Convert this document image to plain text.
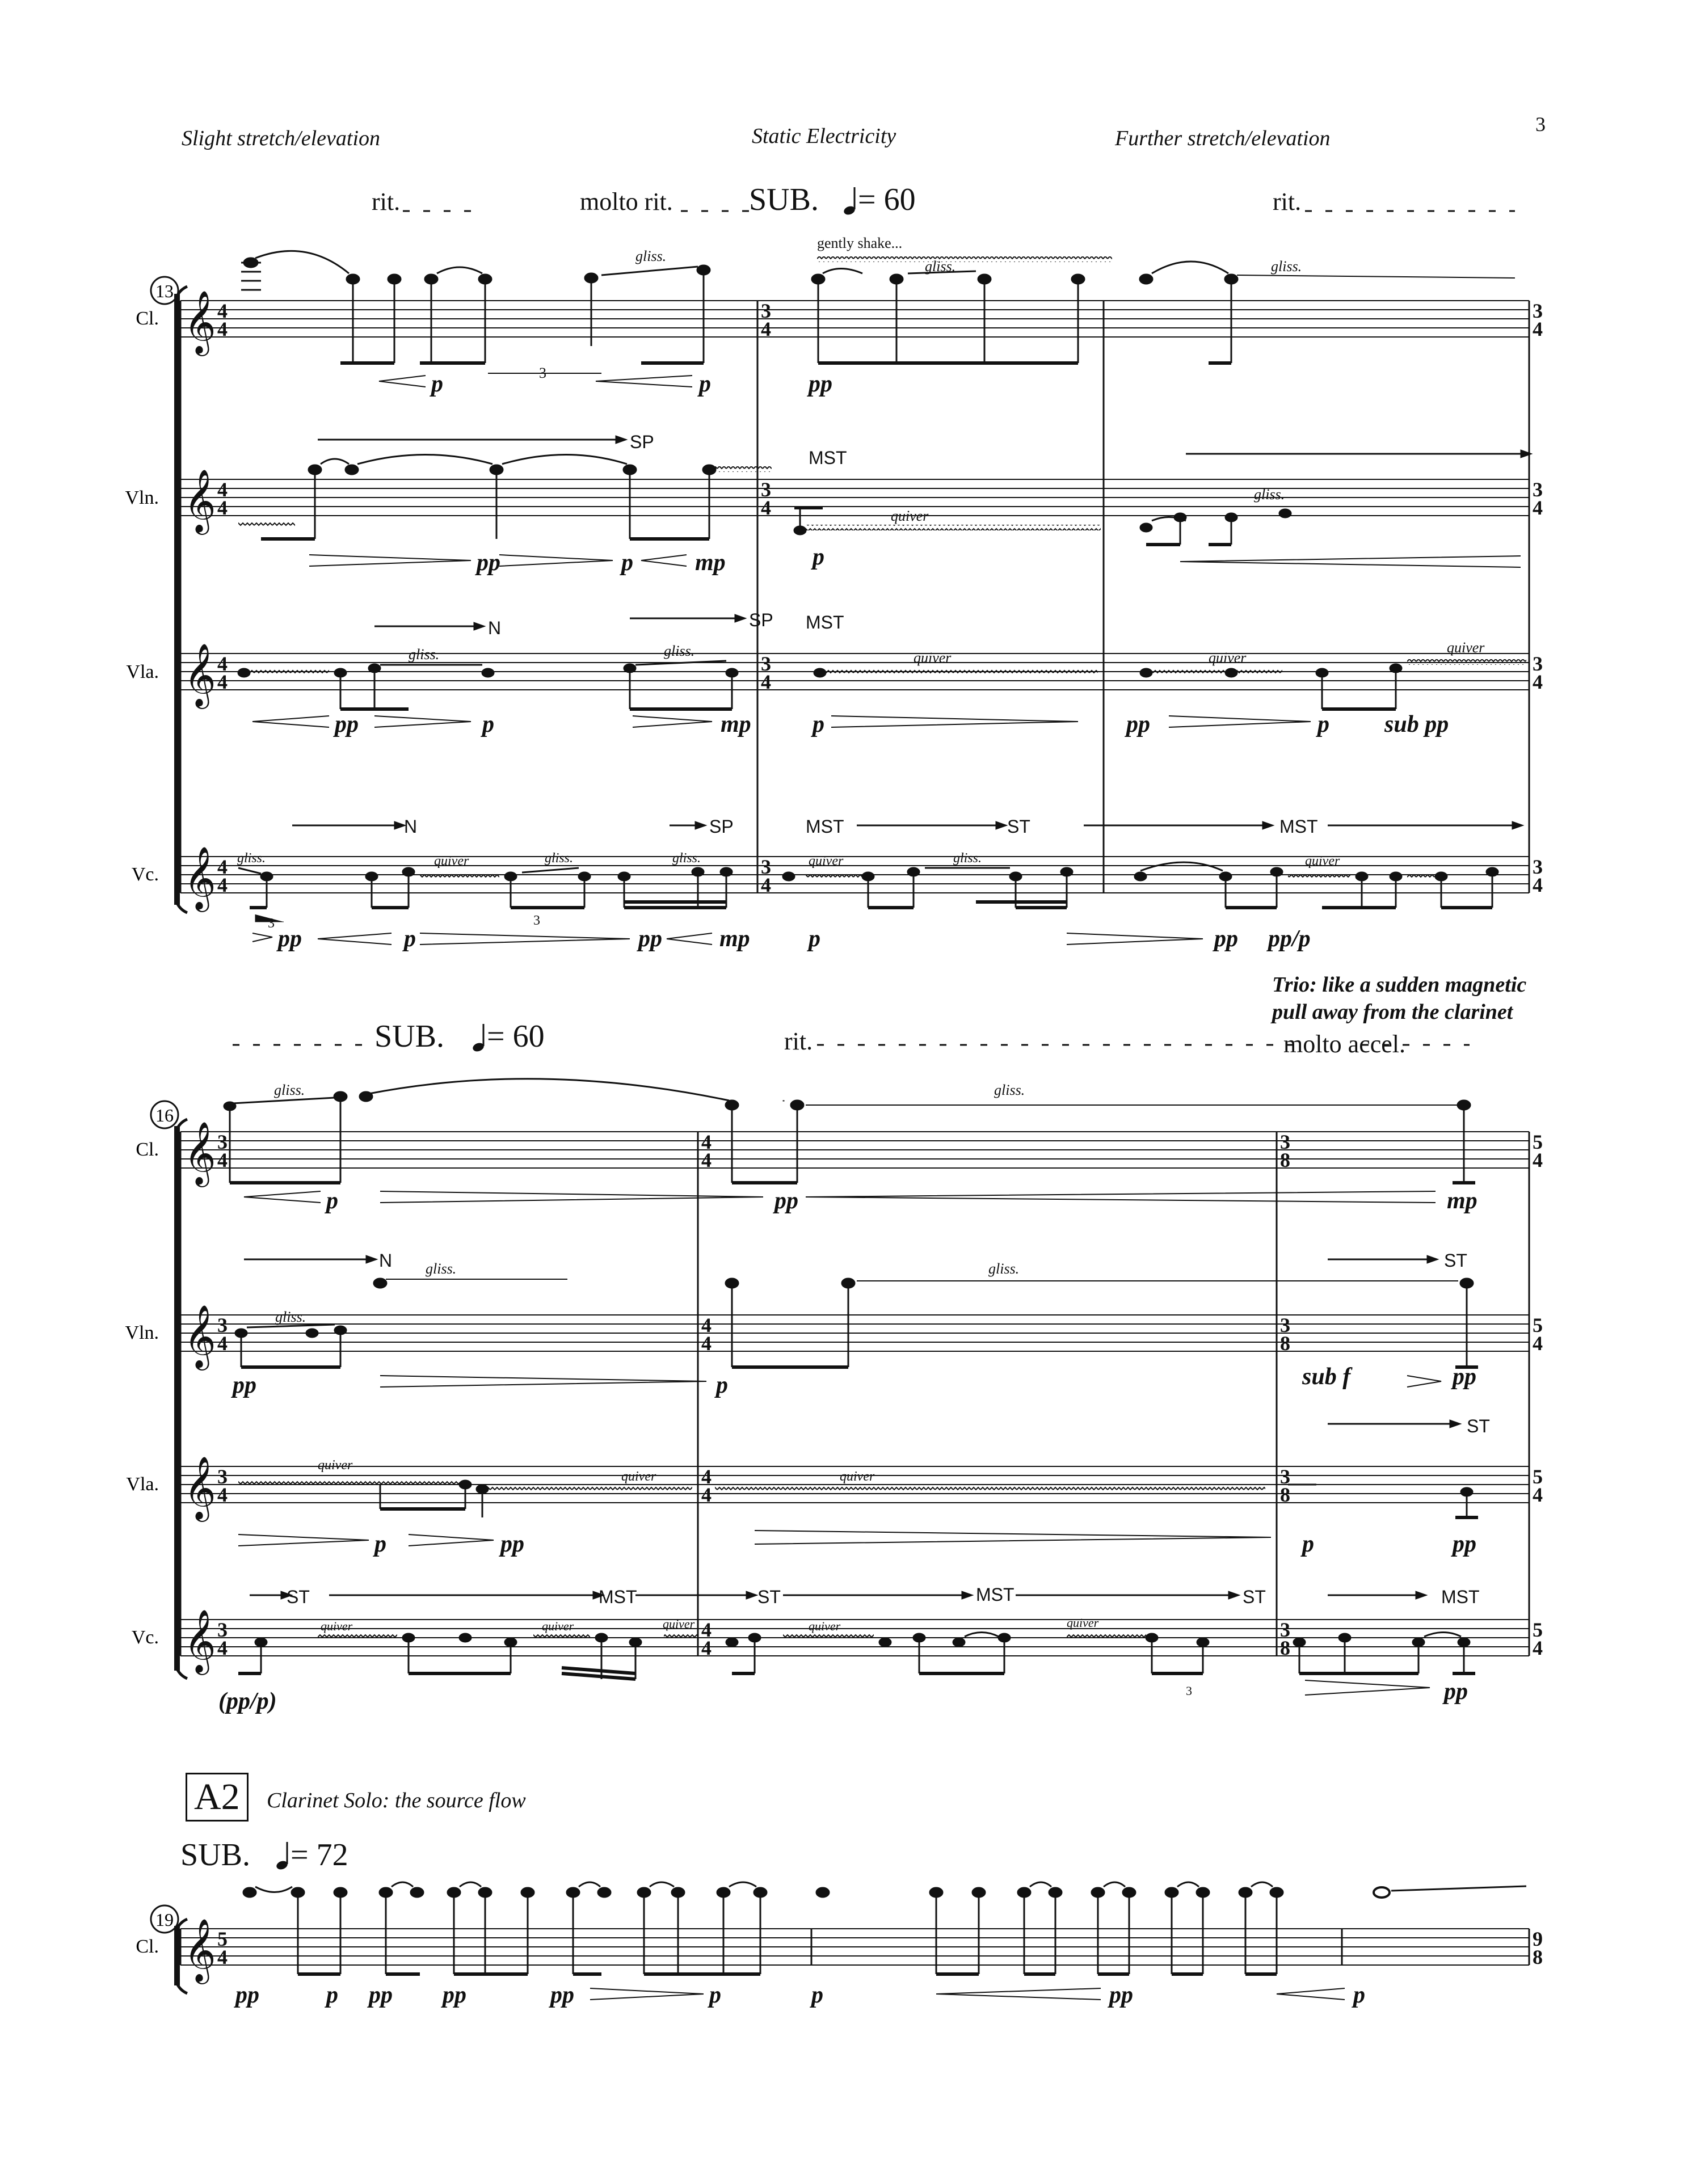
Slight stretch/elevation	Static Electricity	Further stretch/elevation
3
rit.	molto rit. SUB. = 60	rit.
Trio: like a sudden magnetic
pull away from the clarinet
SUB. = 60	rit.	molto accel.
A2	Clarinet Solo: the source flow
SUB. = 72
13
Cl.
Vln.
Vla.
Vc.
𝄞
𝄞
𝄞
𝄞
4
4
4
4
4
4
4
4
3
4
3
4
3
4
3
4
3
4
3
4
3
4
3
4
gently shake...
gliss.
gliss.	gliss.
3
p	p	pp
SP
MST
quiver
gliss.
pp	p	mp	p
N	SP MST
gliss.	gliss.	quiver	quiver
quiver
pp	p	mp	p	pp	p sub pp
N	SP	MST	ST	MST
gliss.	quiver	gliss.	gliss.	quiver	gliss.	quiver
3	3
pp	p	pp mp p	pp pp/p
16
Cl.
Vln.
Vla.
Vc.
𝄞
𝄞
𝄞
𝄞
3
4
3
4
3
4
3
4
4
4
4
4
4
4
4
4
3
8
3
8
3
8
3
8
5
4
5
4
5
4
5
4
gliss.	gliss.
p	pp	mp
N	ST
gliss.	gliss.
gliss.
pp	p	sub f	pp
ST
quiver
quiver	quiver
p	pp	p	pp
ST	MST	ST	MST	ST	MST
quiver	quiver	quiver	quiver	quiver
3
(pp/p)	pp
19
Cl. 𝄞 5
4
9
8
pp	p pp pp	pp	p	p	pp	p
